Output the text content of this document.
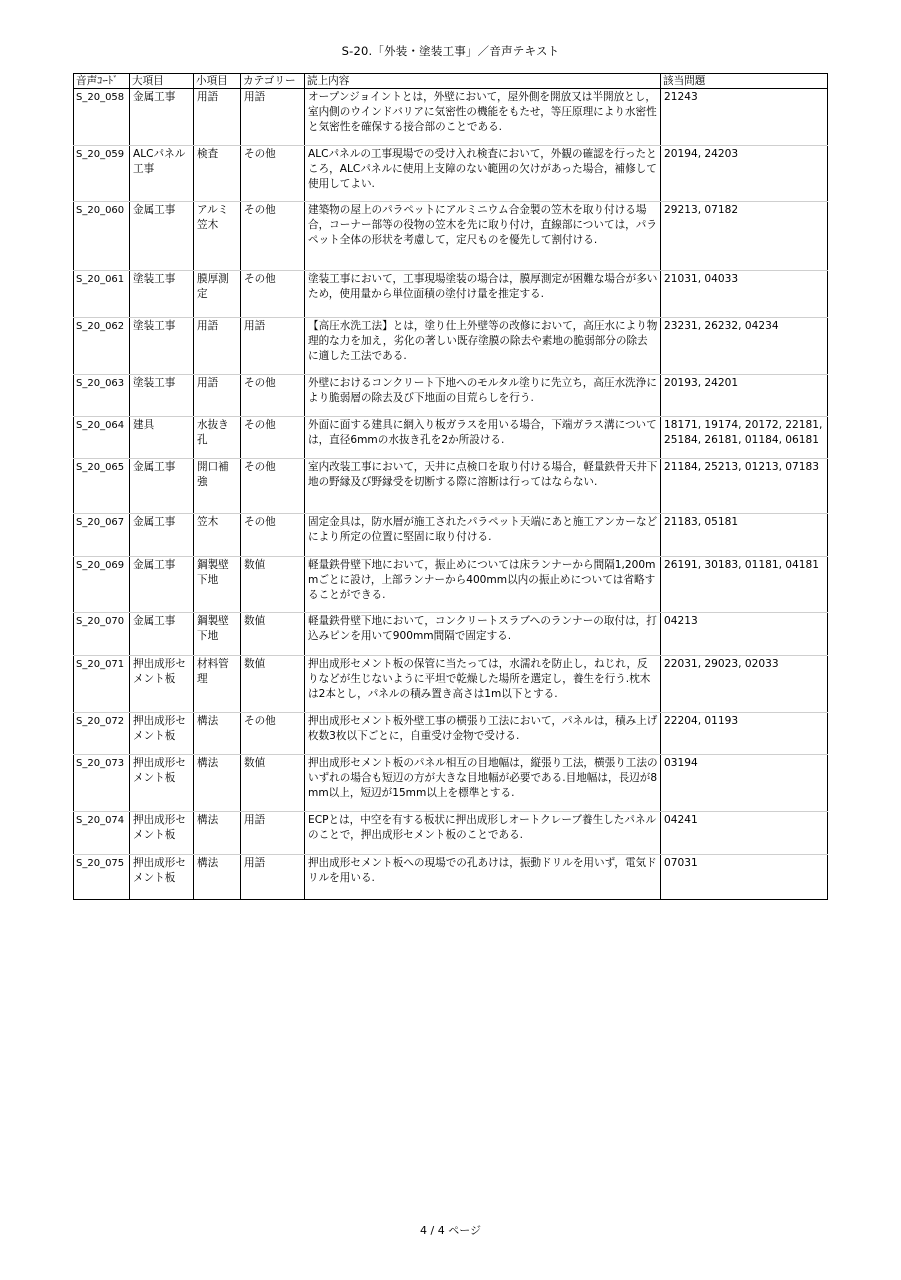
S-20.「外装・塗装工事」／音声テキスト
音声ｺｰﾄﾞ	大項目	小項目	カテゴリー	読上内容	該当問題
S_20_058	金属工事	用語	用語	オープンジョイントとは，外壁において，屋外側を開放又は半開放とし，室内側のウインドバリアに気密性の機能をもたせ，等圧原理により水密性と気密性を確保する接合部のことである.	21243
S_20_059	ALCパネル工事	検査	その他	ALCパネルの工事現場での受け入れ検査において，外観の確認を行ったところ，ALCパネルに使用上支障のない範囲の欠けがあった場合，補修して使用してよい.	20194, 24203
S_20_060	金属工事	アルミ笠木	その他	建築物の屋上のパラペットにアルミニウム合金製の笠木を取り付ける場合，コーナー部等の役物の笠木を先に取り付け，直線部については，パラペット全体の形状を考慮して，定尺ものを優先して割付ける.	29213, 07182
S_20_061	塗装工事	膜厚測定	その他	塗装工事において，工事現場塗装の場合は，膜厚測定が困難な場合が多いため，使用量から単位面積の塗付け量を推定する.	21031, 04033
S_20_062	塗装工事	用語	用語	【高圧水洗工法】とは，塗り仕上外壁等の改修において，高圧水により物理的な力を加え，劣化の著しい既存塗膜の除去や素地の脆弱部分の除去に適した工法である.	23231, 26232, 04234
S_20_063	塗装工事	用語	その他	外壁におけるコンクリート下地へのモルタル塗りに先立ち，高圧水洗浄により脆弱層の除去及び下地面の目荒らしを行う.	20193, 24201
S_20_064	建具	水抜き孔	その他	外面に面する建具に網入り板ガラスを用いる場合，下端ガラス溝については，直径6mmの水抜き孔を2か所設ける.	18171, 19174, 20172, 22181, 25184, 26181, 01184, 06181
S_20_065	金属工事	開口補強	その他	室内改装工事において，天井に点検口を取り付ける場合，軽量鉄骨天井下地の野縁及び野縁受を切断する際に溶断は行ってはならない.	21184, 25213, 01213, 07183
S_20_067	金属工事	笠木	その他	固定金具は，防水層が施工されたパラペット天端にあと施工アンカーなどにより所定の位置に堅固に取り付ける.	21183, 05181
S_20_069	金属工事	鋼製壁下地	数値	軽量鉄骨壁下地において，振止めについては床ランナーから間隔1,200mmごとに設け，上部ランナーから400mm以内の振止めについては省略することができる.	26191, 30183, 01181, 04181
S_20_070	金属工事	鋼製壁下地	数値	軽量鉄骨壁下地において，コンクリートスラブへのランナーの取付は，打込みピンを用いて900mm間隔で固定する.	04213
S_20_071	押出成形セメント板	材料管理	数値	押出成形セメント板の保管に当たっては，水濡れを防止し，ねじれ，反りなどが生じないように平坦で乾燥した場所を選定し，養生を行う.枕木は2本とし，パネルの積み置き高さは1m以下とする.	22031, 29023, 02033
S_20_072	押出成形セメント板	構法	その他	押出成形セメント板外壁工事の横張り工法において，パネルは，積み上げ枚数3枚以下ごとに，自重受け金物で受ける.	22204, 01193
S_20_073	押出成形セメント板	構法	数値	押出成形セメント板のパネル相互の目地幅は，縦張り工法，横張り工法のいずれの場合も短辺の方が大きな目地幅が必要である.目地幅は，長辺が8mm以上，短辺が15mm以上を標準とする.	03194
S_20_074	押出成形セメント板	構法	用語	ECPとは，中空を有する板状に押出成形しオートクレーブ養生したパネルのことで，押出成形セメント板のことである.	04241
S_20_075	押出成形セメント板	構法	用語	押出成形セメント板への現場での孔あけは，振動ドリルを用いず，電気ドリルを用いる.	07031
4 / 4 ページ
